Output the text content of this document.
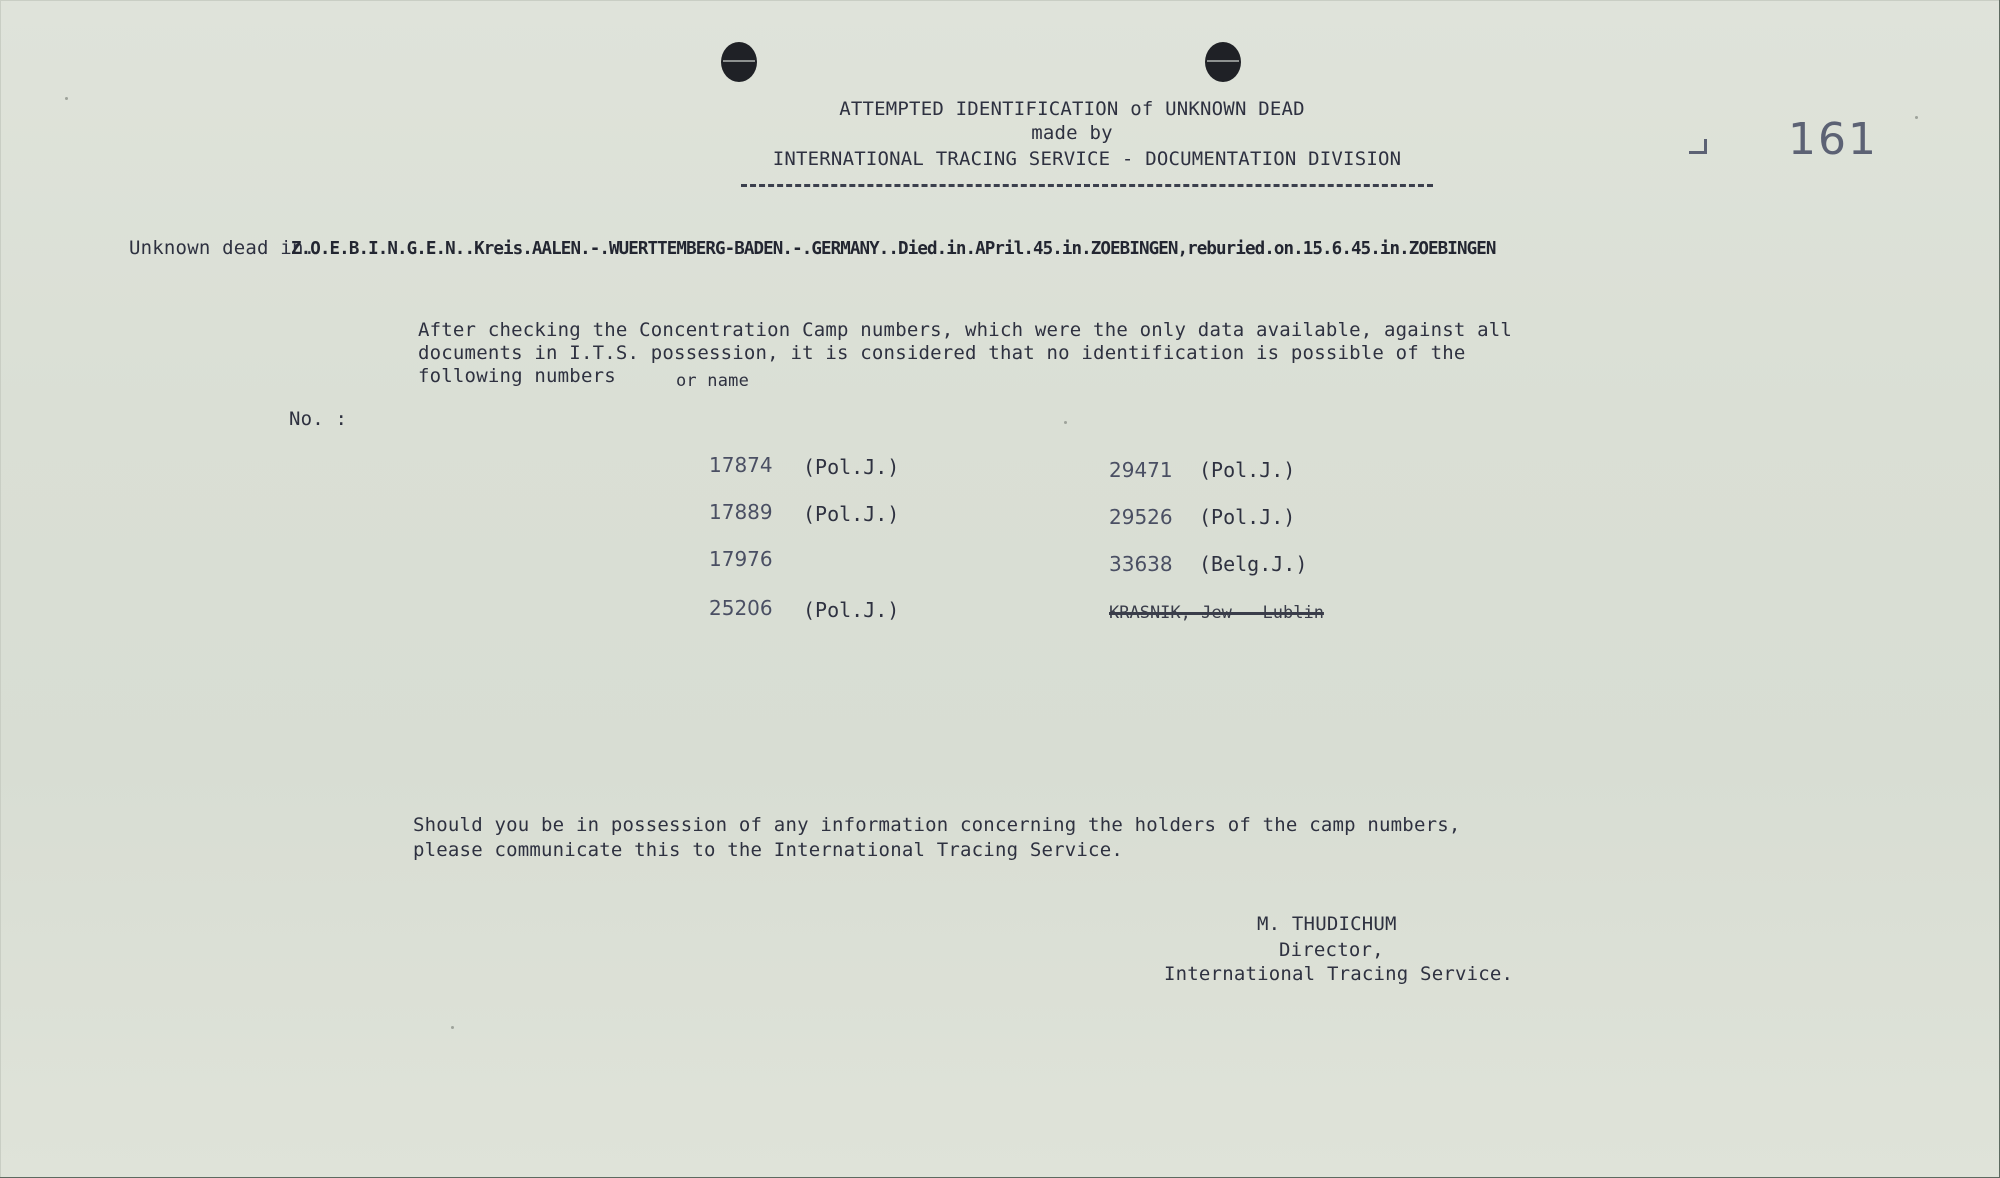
ATTEMPTED IDENTIFICATION of UNKNOWN DEAD
made by
INTERNATIONAL TRACING SERVICE - DOCUMENTATION DIVISION	161
Unknown dead in.
Z.O.E.B.I.N.G.E.N..Kreis.AALEN.-.WUERTTEMBERG-BADEN.-.GERMANY..Died.in.APril.45.in.ZOEBINGEN,reburied.on.15.6.45.in.ZOEBINGEN
After checking the Concentration Camp numbers, which were the only data available, against all
documents in I.T.S. possession, it is considered that no identification is possible of the
following numbers	or name
No. :
17874 (Pol.J.)
17889 (Pol.J.)
17976
25206 (Pol.J.)
29471 (Pol.J.)
29526 (Pol.J.)
33638 (Belg.J.)
KRASNIK, Jew - Lublin
Should you be in possession of any information concerning the holders of the camp numbers,
please communicate this to the International Tracing Service.
M. THUDICHUM
Director,
International Tracing Service.
